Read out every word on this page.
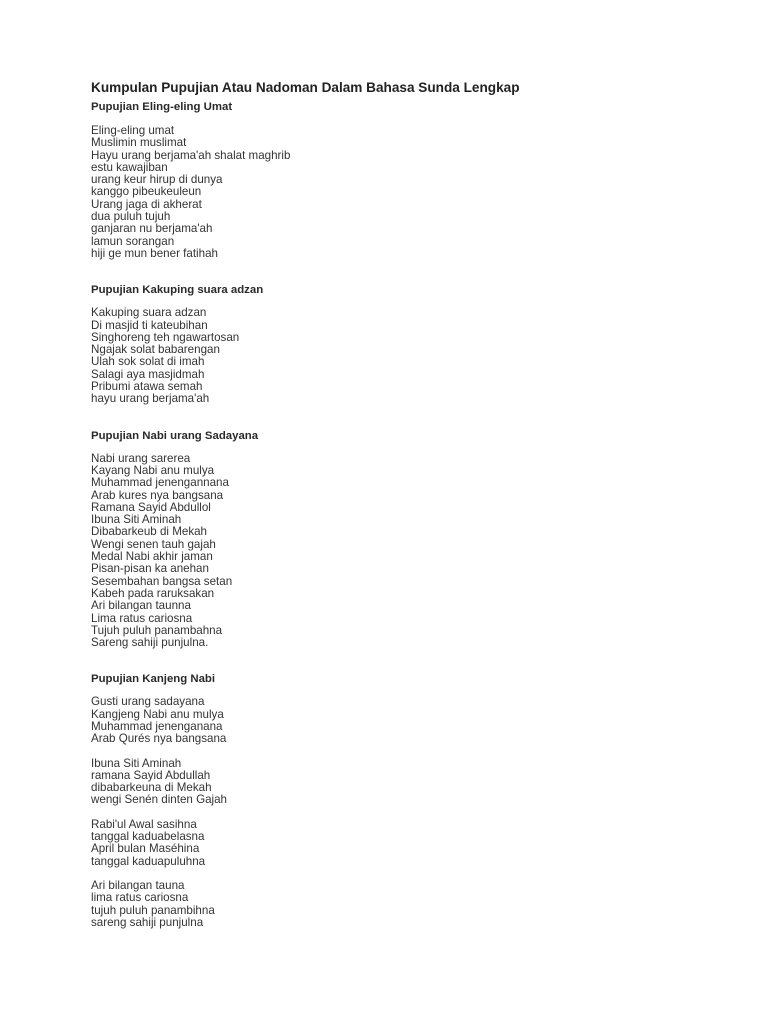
Kumpulan Pupujian Atau Nadoman Dalam Bahasa Sunda Lengkap
Pupujian Eling-eling Umat

Eling-eling umat
Muslimin muslimat
Hayu urang berjama'ah shalat maghrib
estu kawajiban
urang keur hirup di dunya
kanggo pibeukeuleun
Urang jaga di akherat
dua puluh tujuh
ganjaran nu berjama'ah
lamun sorangan
hiji ge mun bener fatihah

Pupujian Kakuping suara adzan

Kakuping suara adzan
Di masjid ti kateubihan
Singhoreng teh ngawartosan
Ngajak solat babarengan
Ulah sok solat di imah
Salagi aya masjidmah
Pribumi atawa semah
hayu urang berjama'ah

Pupujian Nabi urang Sadayana

Nabi urang sarerea
Kayang Nabi anu mulya
Muhammad jenengannana
Arab kures nya bangsana
Ramana Sayid Abdullol
Ibuna Siti Aminah
Dibabarkeub di Mekah
Wengi senen tauh gajah
Medal Nabi akhir jaman
Pisan-pisan ka anehan
Sesembahan bangsa setan
Kabeh pada raruksakan
Ari bilangan taunna
Lima ratus cariosna
Tujuh puluh panambahna
Sareng sahiji punjulna.

Pupujian Kanjeng Nabi

Gusti urang sadayana
Kangjeng Nabi anu mulya
Muhammad jenenganana
Arab Qurés nya bangsana

Ibuna Siti Aminah
ramana Sayid Abdullah
dibabarkeuna di Mekah
wengi Senén dinten Gajah

Rabi'ul Awal sasihna
tanggal kaduabelasna
April bulan Maséhina
tanggal kaduapuluhna

Ari bilangan tauna
lima ratus cariosna
tujuh puluh panambihna
sareng sahiji punjulna
